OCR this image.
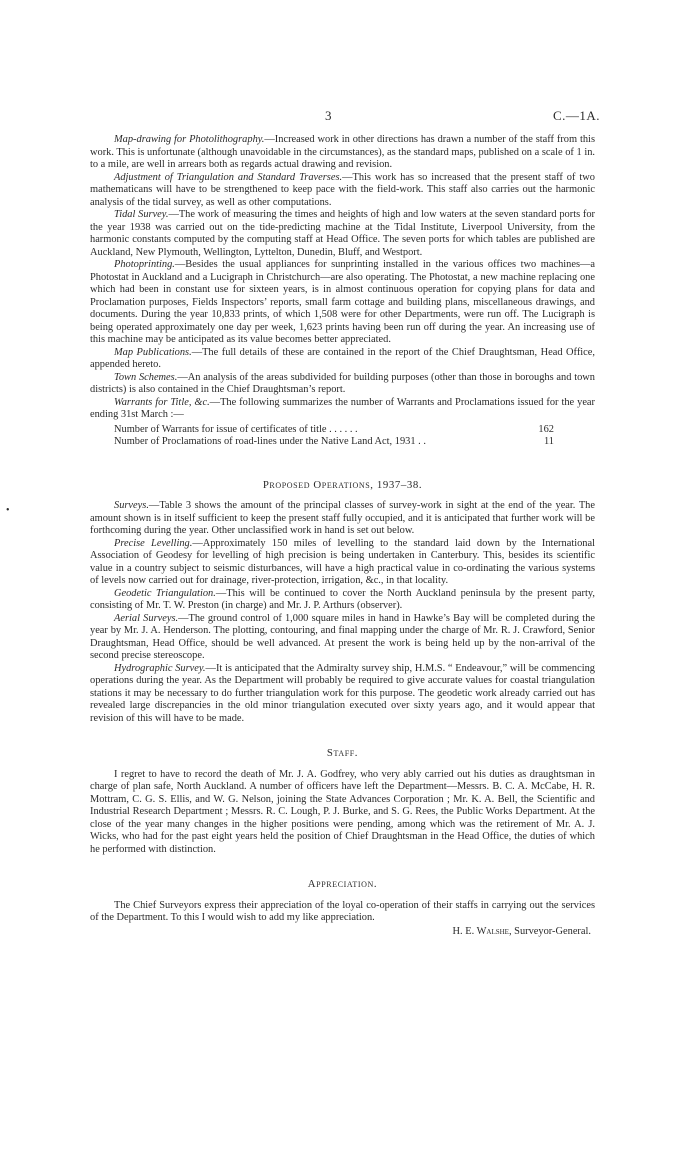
3	C.—1A.
•

Map-drawing for Photolithography.—Increased work in other directions has drawn a number of the staff from this work. This is unfortunate (although unavoidable in the circumstances), as the standard maps, published on a scale of 1 in. to a mile, are well in arrears both as regards actual drawing and revision.

Adjustment of Triangulation and Standard Traverses.—This work has so increased that the present staff of two mathematicans will have to be strengthened to keep pace with the field-work. This staff also carries out the harmonic analysis of the tidal survey, as well as other computations.

Tidal Survey.—The work of measuring the times and heights of high and low waters at the seven standard ports for the year 1938 was carried out on the tide-predicting machine at the Tidal Institute, Liverpool University, from the harmonic constants computed by the computing staff at Head Office. The seven ports for which tables are published are Auckland, New Plymouth, Wellington, Lyttelton, Dunedin, Bluff, and Westport.

Photoprinting.—Besides the usual appliances for sunprinting installed in the various offices two machines—a Photostat in Auckland and a Lucigraph in Christchurch—are also operating. The Photostat, a new machine replacing one which had been in constant use for sixteen years, is in almost continuous operation for copying plans for data and Proclamation purposes, Fields Inspectors’ reports, small farm cottage and building plans, miscellaneous drawings, and documents. During the year 10,833 prints, of which 1,508 were for other Departments, were run off. The Lucigraph is being operated approximately one day per week, 1,623 prints having been run off during the year. An increasing use of this machine may be anticipated as its value becomes better appreciated.

Map Publications.—The full details of these are contained in the report of the Chief Draughtsman, Head Office, appended hereto.

Town Schemes.—An analysis of the areas subdivided for building purposes (other than those in boroughs and town districts) is also contained in the Chief Draughtsman’s report.

Warrants for Title, &c.—The following summarizes the number of Warrants and Proclamations issued for the year ending 31st March :—

Number of Warrants for issue of certificates of title . . . . . .	162
Number of Proclamations of road-lines under the Native Land Act, 1931 . .	11
Proposed Operations, 1937–38.

Surveys.—Table 3 shows the amount of the principal classes of survey-work in sight at the end of the year. The amount shown is in itself sufficient to keep the present staff fully occupied, and it is anticipated that further work will be forthcoming during the year. Other unclassified work in hand is set out below.

Precise Levelling.—Approximately 150 miles of levelling to the standard laid down by the International Association of Geodesy for levelling of high precision is being undertaken in Canterbury. This, besides its scientific value in a country subject to seismic disturbances, will have a high practical value in co-ordinating the various systems of levels now carried out for drainage, river-protection, irrigation, &c., in that locality.

Geodetic Triangulation.—This will be continued to cover the North Auckland peninsula by the present party, consisting of Mr. T. W. Preston (in charge) and Mr. J. P. Arthurs (observer).

Aerial Surveys.—The ground control of 1,000 square miles in hand in Hawke’s Bay will be completed during the year by Mr. J. A. Henderson. The plotting, contouring, and final mapping under the charge of Mr. R. J. Crawford, Senior Draughtsman, Head Office, should be well advanced. At present the work is being held up by the non-arrival of the second precise stereoscope.

Hydrographic Survey.—It is anticipated that the Admiralty survey ship, H.M.S. “ Endeavour,” will be commencing operations during the year. As the Department will probably be required to give accurate values for coastal triangulation stations it may be necessary to do further triangulation work for this purpose. The geodetic work already carried out has revealed large discrepancies in the old minor triangulation executed over sixty years ago, and it would appear that revision of this will have to be made.

Staff.

I regret to have to record the death of Mr. J. A. Godfrey, who very ably carried out his duties as draughtsman in charge of plan safe, North Auckland. A number of officers have left the Department—Messrs. B. C. A. McCabe, H. R. Mottram, C. G. S. Ellis, and W. G. Nelson, joining the State Advances Corporation ; Mr. K. A. Bell, the Scientific and Industrial Research Department ; Messrs. R. C. Lough, P. J. Burke, and S. G. Rees, the Public Works Department. At the close of the year many changes in the higher positions were pending, among which was the retirement of Mr. A. J. Wicks, who had for the past eight years held the position of Chief Draughtsman in the Head Office, the duties of which he performed with distinction.

Appreciation.

The Chief Surveyors express their appreciation of the loyal co-operation of their staffs in carrying out the services of the Department. To this I would wish to add my like appreciation.

H. E. Walshe, Surveyor-General.
